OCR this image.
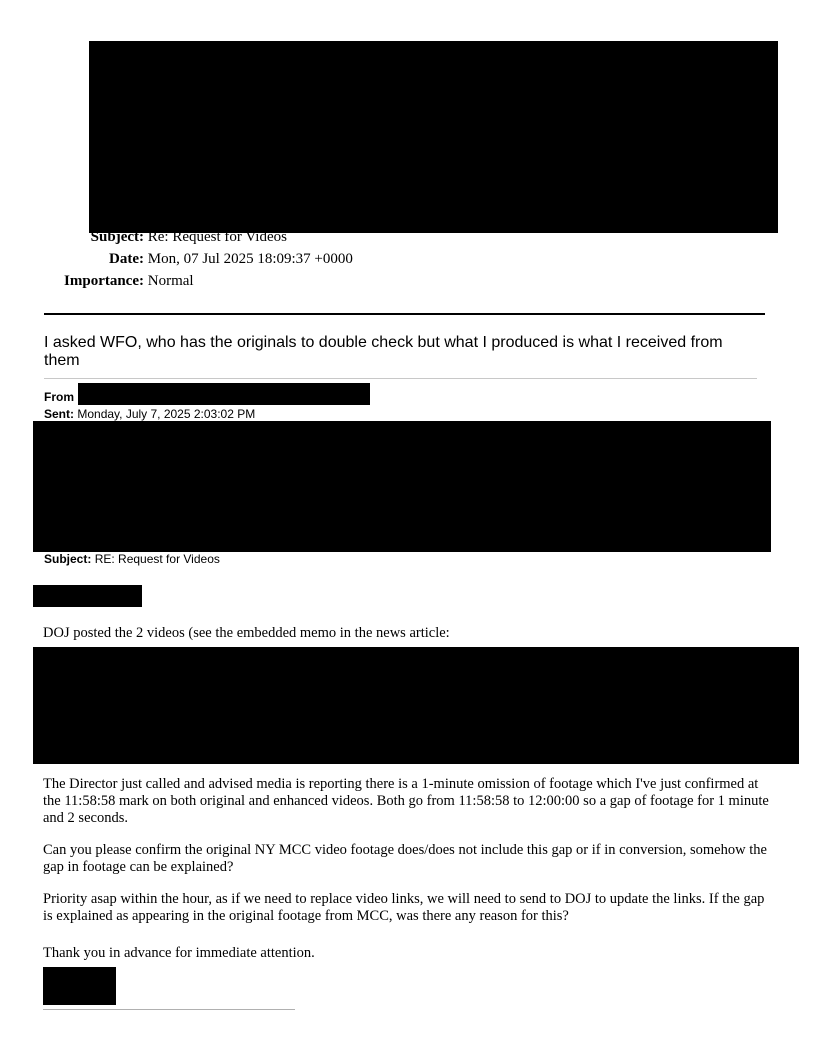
Subject: Re: Request for Videos
Date: Mon, 07 Jul 2025 18:09:37 +0000
Importance: Normal
I asked WFO, who has the originals to double check but what I produced is what I received from them
From
Sent: Monday, July 7, 2025 2:03:02 PM
Subject: RE: Request for Videos
DOJ posted the 2 videos (see the embedded memo in the news article:
The Director just called and advised media is reporting there is a 1-minute omission of footage which I've just confirmed at the 11:58:58 mark on both original and enhanced videos. Both go from 11:58:58 to 12:00:00 so a gap of footage for 1 minute and 2 seconds.
Can you please confirm the original NY MCC video footage does/does not include this gap or if in conversion, somehow the gap in footage can be explained?
Priority asap within the hour, as if we need to replace video links, we will need to send to DOJ to update the links. If the gap is explained as appearing in the original footage from MCC, was there any reason for this?
Thank you in advance for immediate attention.
